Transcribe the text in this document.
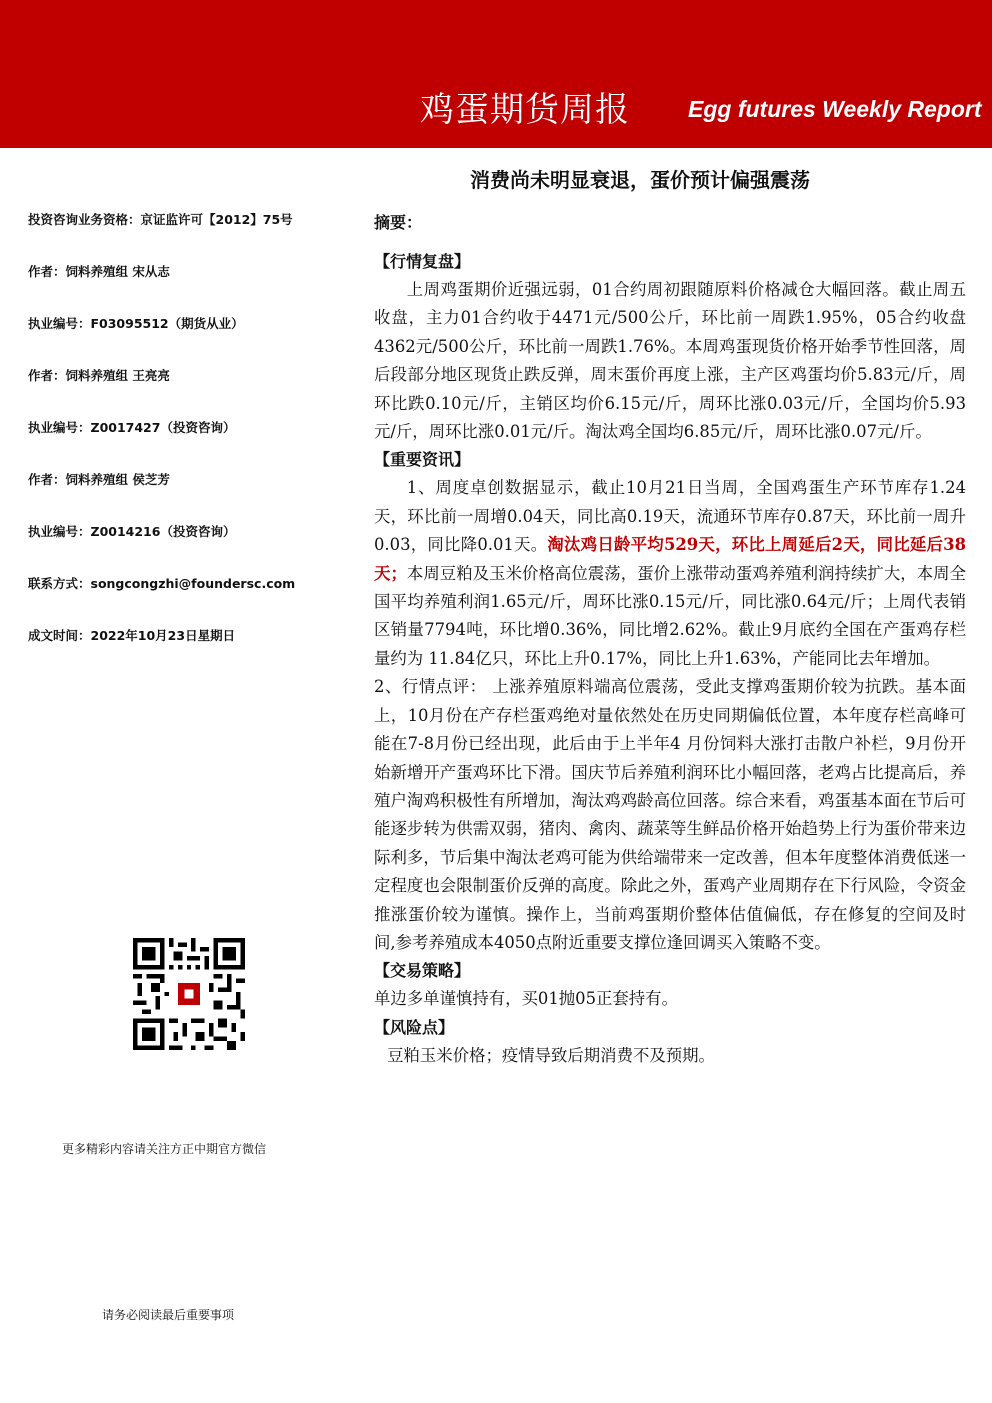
鸡蛋期货周报	Egg futures Weekly Report
消费尚未明显衰退，蛋价预计偏强震荡
投资咨询业务资格：京证监许可【2012】75号
作者：饲料养殖组 宋从志
执业编号：F03095512（期货从业）
作者：饲料养殖组 王亮亮
执业编号：Z0017427（投资咨询）
作者：饲料养殖组 侯芝芳
执业编号：Z0014216（投资咨询）
联系方式：songcongzhi@foundersc.com
成文时间：2022年10月23日星期日
更多精彩内容请关注方正中期官方微信
请务必阅读最后重要事项
摘要：
【行情复盘】

上周鸡蛋期价近强远弱，01合约周初跟随原料价格减仓大幅回落。截止周五收盘，主力01合约收于4471元/500公斤，环比前一周跌1.95%，05合约收盘4362元/500公斤，环比前一周跌1.76%。本周鸡蛋现货价格开始季节性回落，周后段部分地区现货止跌反弹，周末蛋价再度上涨，主产区鸡蛋均价5.83元/斤，周环比跌0.10元/斤，主销区均价6.15元/斤，周环比涨0.03元/斤，全国均价5.93元/斤，周环比涨0.01元/斤。淘汰鸡全国均6.85元/斤，周环比涨0.07元/斤。

【重要资讯】

1、周度卓创数据显示，截止10月21日当周，全国鸡蛋生产环节库存1.24天，环比前一周增0.04天，同比高0.19天，流通环节库存0.87天，环比前一周升0.03，同比降0.01天。淘汰鸡日龄平均529天，环比上周延后2天，同比延后38天；本周豆粕及玉米价格高位震荡，蛋价上涨带动蛋鸡养殖利润持续扩大，本周全国平均养殖利润1.65元/斤，周环比涨0.15元/斤，同比涨0.64元/斤；上周代表销区销量7794吨，环比增0.36%，同比增2.62%。截止9月底约全国在产蛋鸡存栏量约为 11.84亿只，环比上升0.17%，同比上升1.63%，产能同比去年增加。

2、行情点评： 上涨养殖原料端高位震荡，受此支撑鸡蛋期价较为抗跌。基本面上，10月份在产存栏蛋鸡绝对量依然处在历史同期偏低位置，本年度存栏高峰可能在7-8月份已经出现，此后由于上半年4 月份饲料大涨打击散户补栏，9月份开始新增开产蛋鸡环比下滑。国庆节后养殖利润环比小幅回落，老鸡占比提高后，养殖户淘鸡积极性有所增加，淘汰鸡鸡龄高位回落。综合来看，鸡蛋基本面在节后可能逐步转为供需双弱，猪肉、禽肉、蔬菜等生鲜品价格开始趋势上行为蛋价带来边际利多，节后集中淘汰老鸡可能为供给端带来一定改善，但本年度整体消费低迷一定程度也会限制蛋价反弹的高度。除此之外，蛋鸡产业周期存在下行风险，令资金推涨蛋价较为谨慎。操作上，当前鸡蛋期价整体估值偏低，存在修复的空间及时间,参考养殖成本4050点附近重要支撑位逢回调买入策略不变。

【交易策略】

单边多单谨慎持有，买01抛05正套持有。

【风险点】

豆粕玉米价格；疫情导致后期消费不及预期。
